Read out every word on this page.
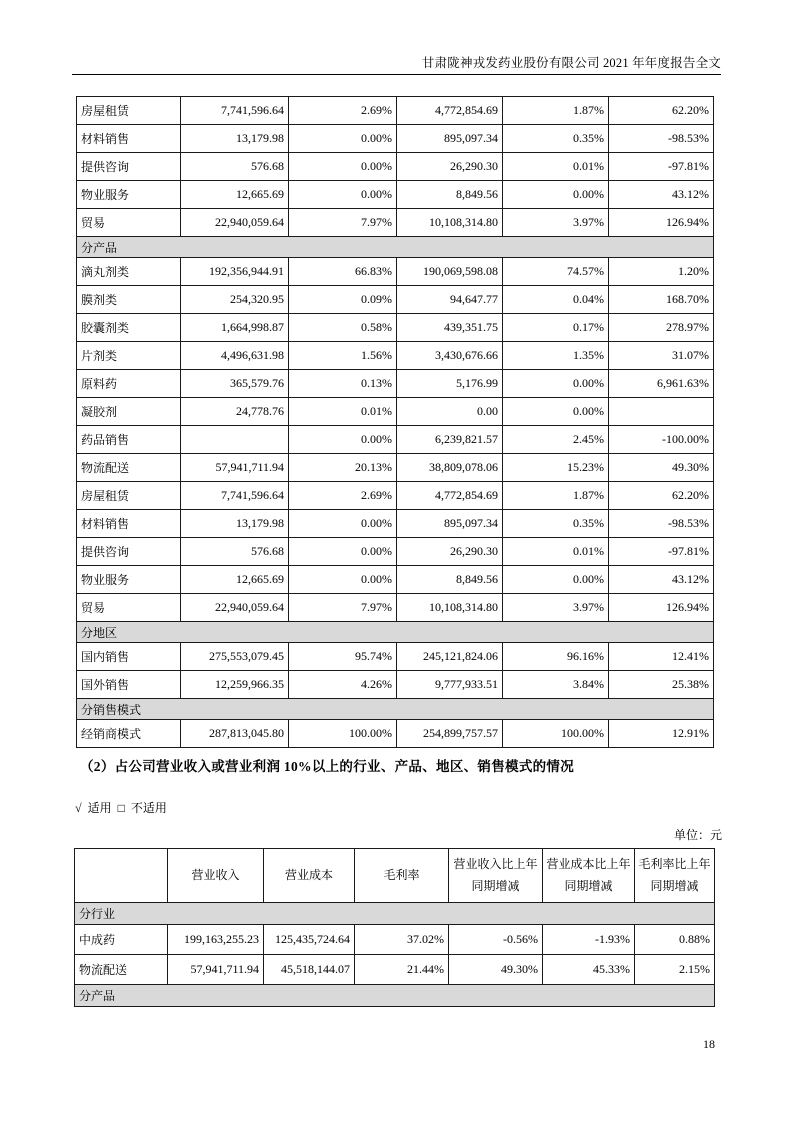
甘肃陇神戎发药业股份有限公司 2021 年年度报告全文
房屋租赁	7,741,596.64	2.69%	4,772,854.69	1.87%	62.20%
材料销售	13,179.98	0.00%	895,097.34	0.35%	-98.53%
提供咨询	576.68	0.00%	26,290.30	0.01%	-97.81%
物业服务	12,665.69	0.00%	8,849.56	0.00%	43.12%
贸易	22,940,059.64	7.97%	10,108,314.80	3.97%	126.94%
分产品					
滴丸剂类	192,356,944.91	66.83%	190,069,598.08	74.57%	1.20%
膜剂类	254,320.95	0.09%	94,647.77	0.04%	168.70%
胶囊剂类	1,664,998.87	0.58%	439,351.75	0.17%	278.97%
片剂类	4,496,631.98	1.56%	3,430,676.66	1.35%	31.07%
原料药	365,579.76	0.13%	5,176.99	0.00%	6,961.63%
凝胶剂	24,778.76	0.01%	0.00	0.00%	
药品销售		0.00%	6,239,821.57	2.45%	-100.00%
物流配送	57,941,711.94	20.13%	38,809,078.06	15.23%	49.30%
房屋租赁	7,741,596.64	2.69%	4,772,854.69	1.87%	62.20%
材料销售	13,179.98	0.00%	895,097.34	0.35%	-98.53%
提供咨询	576.68	0.00%	26,290.30	0.01%	-97.81%
物业服务	12,665.69	0.00%	8,849.56	0.00%	43.12%
贸易	22,940,059.64	7.97%	10,108,314.80	3.97%	126.94%
分地区					
国内销售	275,553,079.45	95.74%	245,121,824.06	96.16%	12.41%
国外销售	12,259,966.35	4.26%	9,777,933.51	3.84%	25.38%
分销售模式					
经销商模式	287,813,045.80	100.00%	254,899,757.57	100.00%	12.91%
（2）占公司营业收入或营业利润 10%以上的行业、产品、地区、销售模式的情况
√ 适用 □ 不适用
单位：元
	营业收入	营业成本	毛利率	营业收入比上年同期增减	营业成本比上年同期增减	毛利率比上年同期增减
分行业						
中成药	199,163,255.23	125,435,724.64	37.02%	-0.56%	-1.93%	0.88%
物流配送	57,941,711.94	45,518,144.07	21.44%	49.30%	45.33%	2.15%
分产品						
18
